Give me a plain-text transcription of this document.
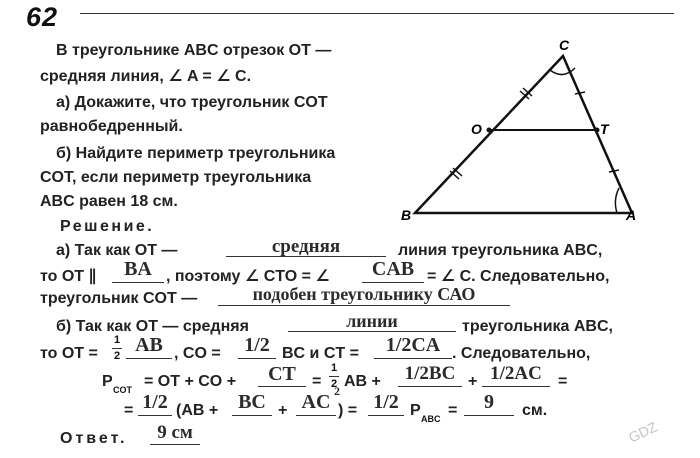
62
В треугольнике ABC отрезок OT —
средняя линия, ∠ A = ∠ C.
а) Докажите, что треугольник COT
равнобедренный.
б) Найдите периметр треугольника
COT, если периметр треугольника
ABC равен 18 см.
C
O	T
B	A
Решение.
а) Так как OT —	средняя	линия треугольника ABC,
то OT ∥	BA , поэтому ∠ CTO = ∠	CAB = ∠ C. Следовательно,
треугольник COT —	подобен треугольнику САО
б) Так как OT — средняя	линии	треугольника ABC,
то OT =
1
2 AB , CO =	1/2 BC и CT =	1/2CA . Следовательно,
P COT = OT + CO +	CT	=
1
2 AB +	1/2BC + 1/2AC	=
= 1/2 (AB + BC + AC 2
) = 1/2 P ABC =	9	см.
Ответ.	9 см	GDZ
